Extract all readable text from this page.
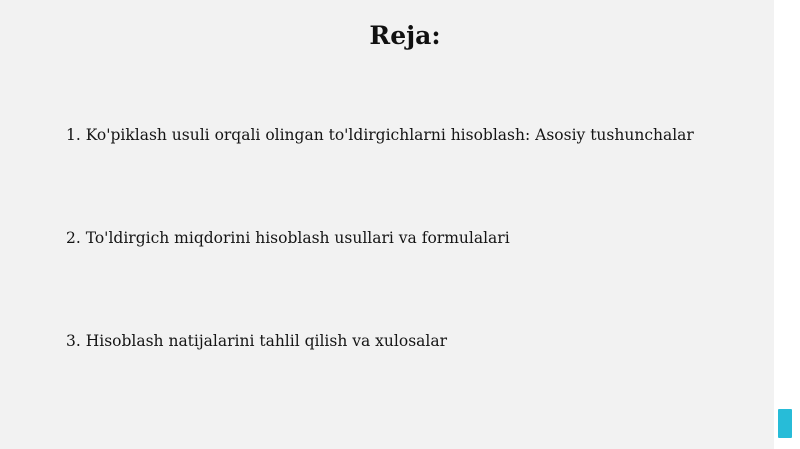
Reja:
1. Ko'piklash usuli orqali olingan to'ldirgichlarni hisoblash: Asosiy tushunchalar
2. To'ldirgich miqdorini hisoblash usullari va formulalari
3. Hisoblash natijalarini tahlil qilish va xulosalar
